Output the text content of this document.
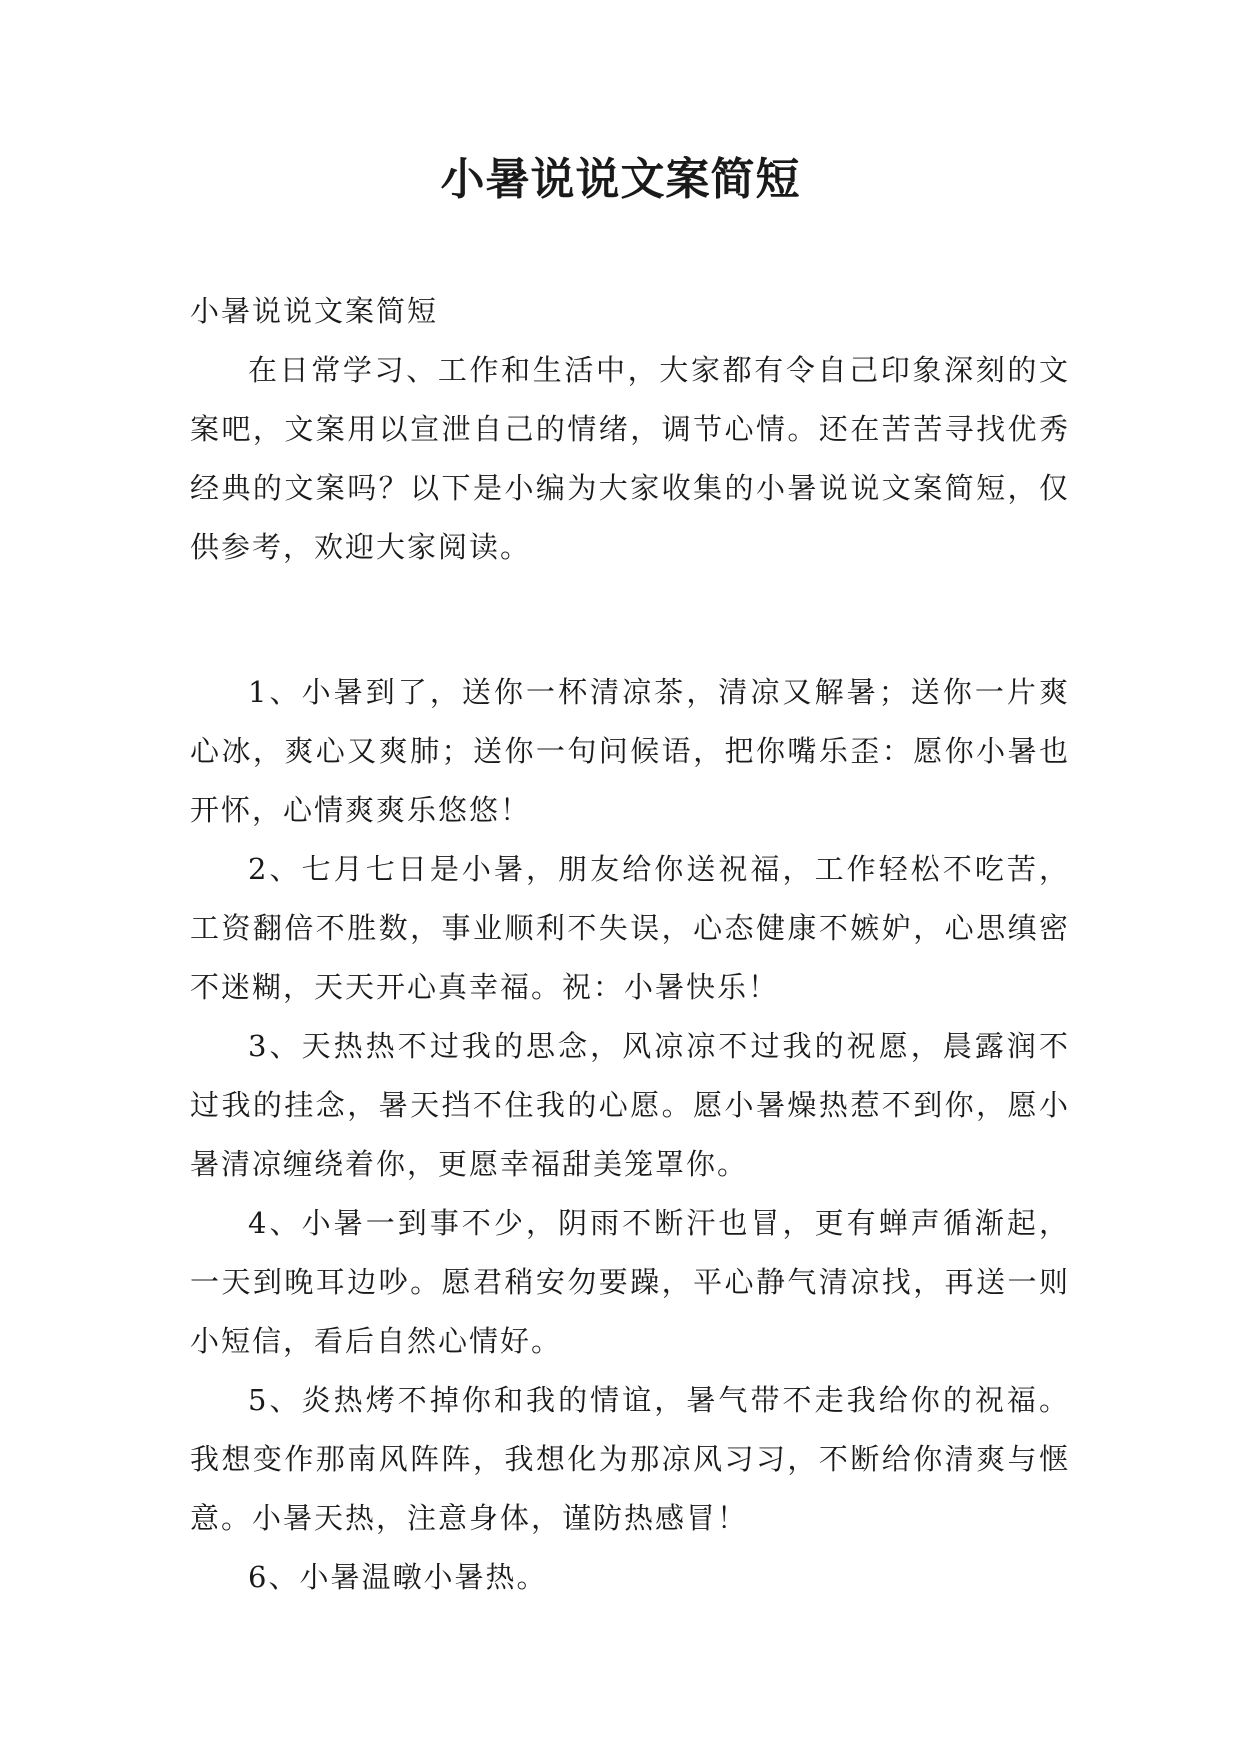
小暑说说文案简短

小暑说说文案简短

在日常学习、工作和生活中，大家都有令自己印象深刻的文案吧，文案用以宣泄自己的情绪，调节心情。还在苦苦寻找优秀经典的文案吗？以下是小编为大家收集的小暑说说文案简短，仅供参考，欢迎大家阅读。

1、小暑到了，送你一杯清凉茶，清凉又解暑；送你一片爽心冰，爽心又爽肺；送你一句问候语，把你嘴乐歪：愿你小暑也开怀，心情爽爽乐悠悠！

2、七月七日是小暑，朋友给你送祝福，工作轻松不吃苦，工资翻倍不胜数，事业顺利不失误，心态健康不嫉妒，心思缜密不迷糊，天天开心真幸福。祝：小暑快乐！

3、天热热不过我的思念，风凉凉不过我的祝愿，晨露润不过我的挂念，暑天挡不住我的心愿。愿小暑燥热惹不到你，愿小暑清凉缠绕着你，更愿幸福甜美笼罩你。

4、小暑一到事不少，阴雨不断汗也冒，更有蝉声循渐起，一天到晚耳边吵。愿君稍安勿要躁，平心静气清凉找，再送一则小短信，看后自然心情好。

5、炎热烤不掉你和我的情谊，暑气带不走我给你的祝福。我想变作那南风阵阵，我想化为那凉风习习，不断给你清爽与惬意。小暑天热，注意身体，谨防热感冒！

6、小暑温暾小暑热。
